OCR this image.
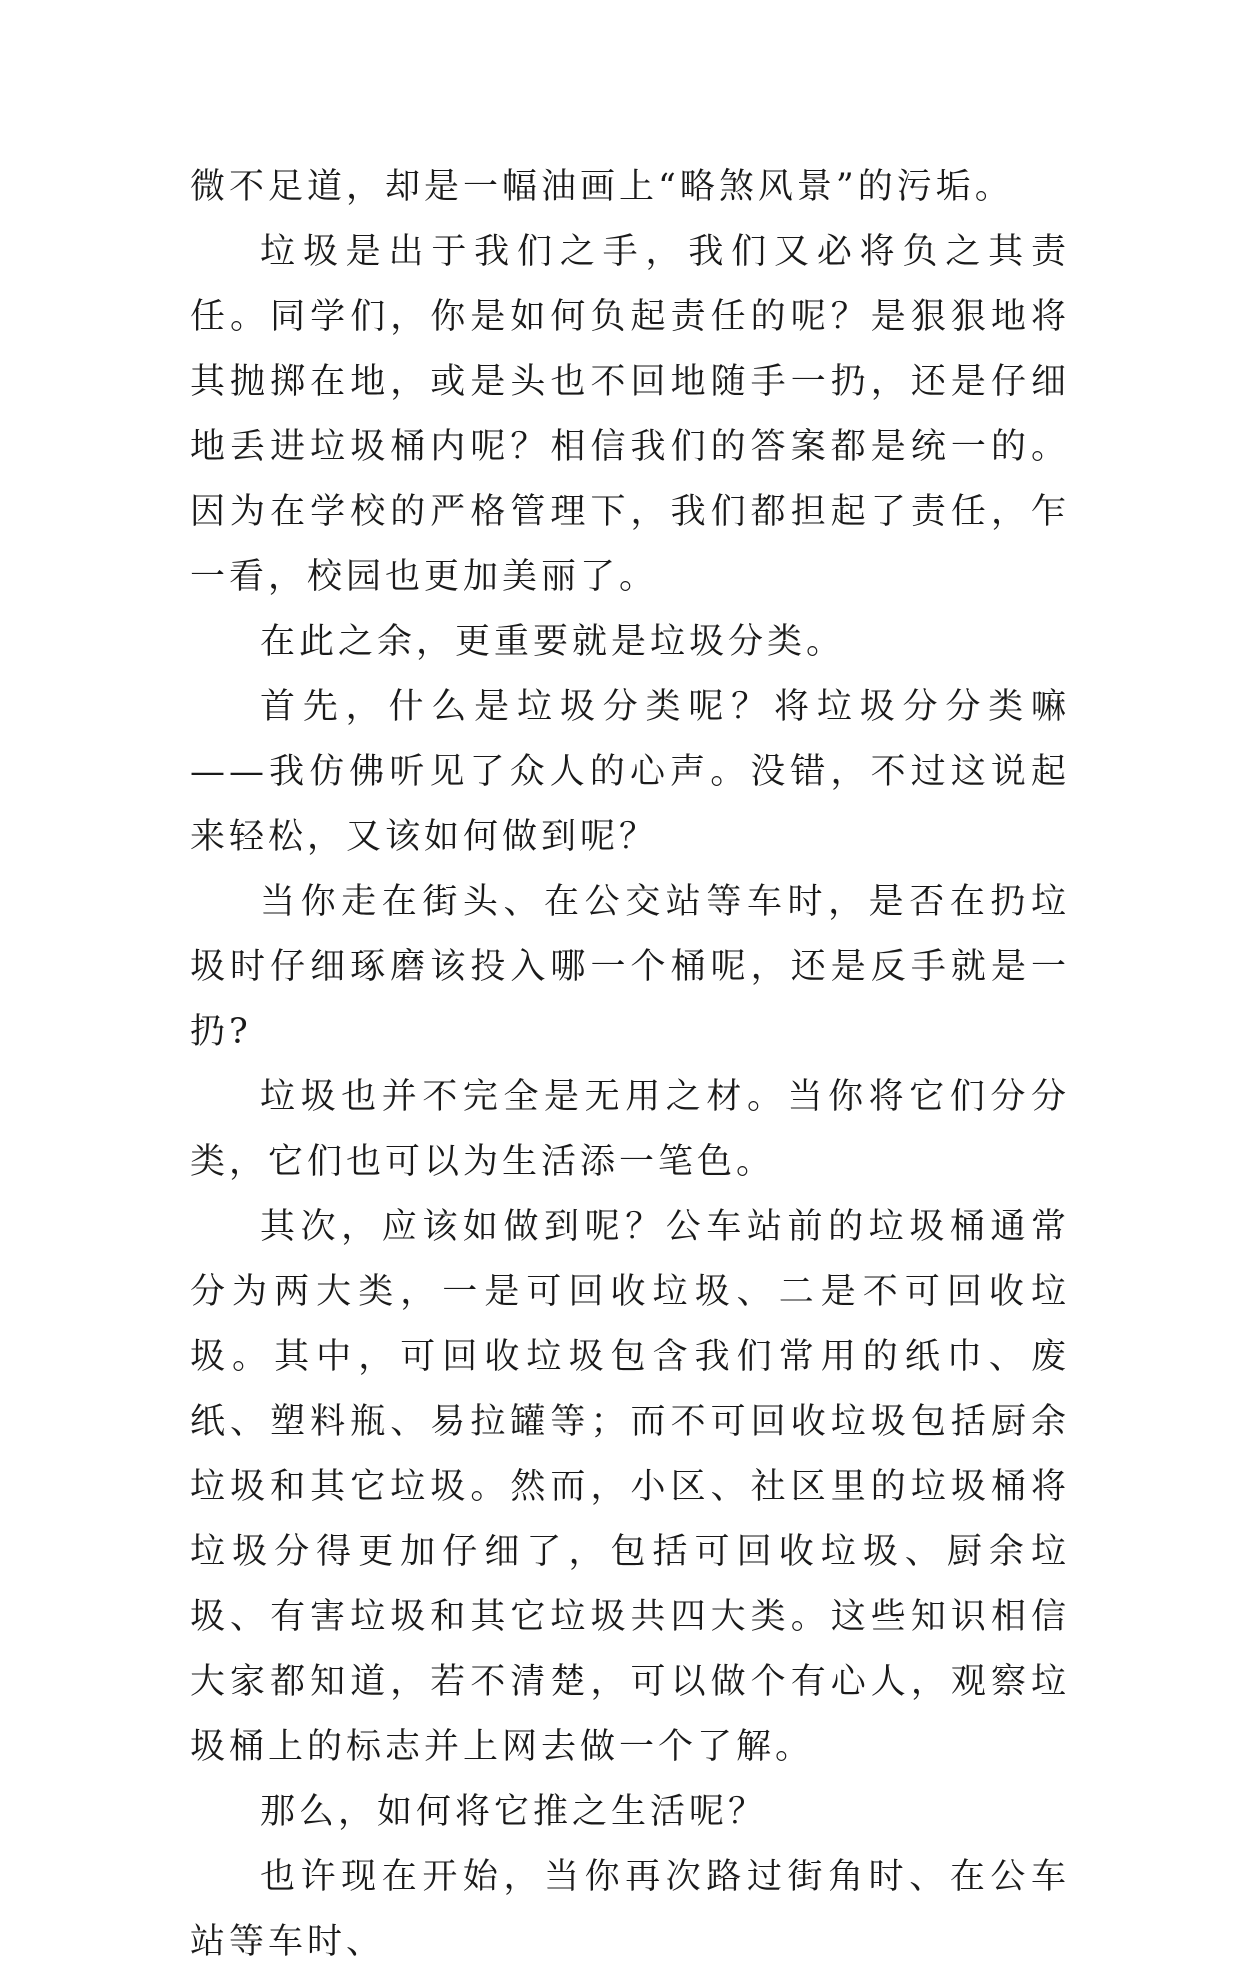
微不足道，却是一幅油画上“略煞风景”的污垢。

垃圾是出于我们之手，我们又必将负之其责任。同学们，你是如何负起责任的呢？是狠狠地将其抛掷在地，或是头也不回地随手一扔，还是仔细地丢进垃圾桶内呢？相信我们的答案都是统一的。因为在学校的严格管理下，我们都担起了责任，乍一看，校园也更加美丽了。

在此之余，更重要就是垃圾分类。

首先，什么是垃圾分类呢？将垃圾分分类嘛——我仿佛听见了众人的心声。没错，不过这说起来轻松，又该如何做到呢？

当你走在街头、在公交站等车时，是否在扔垃圾时仔细琢磨该投入哪一个桶呢，还是反手就是一扔?

垃圾也并不完全是无用之材。当你将它们分分类，它们也可以为生活添一笔色。

其次，应该如做到呢？公车站前的垃圾桶通常分为两大类，一是可回收垃圾、二是不可回收垃圾。其中，可回收垃圾包含我们常用的纸巾、废纸、塑料瓶、易拉罐等；而不可回收垃圾包括厨余垃圾和其它垃圾。然而，小区、社区里的垃圾桶将垃圾分得更加仔细了，包括可回收垃圾、厨余垃圾、有害垃圾和其它垃圾共四大类。这些知识相信大家都知道，若不清楚，可以做个有心人，观察垃圾桶上的标志并上网去做一个了解。

那么，如何将它推之生活呢？

也许现在开始，当你再次路过街角时、在公车站等车时、
